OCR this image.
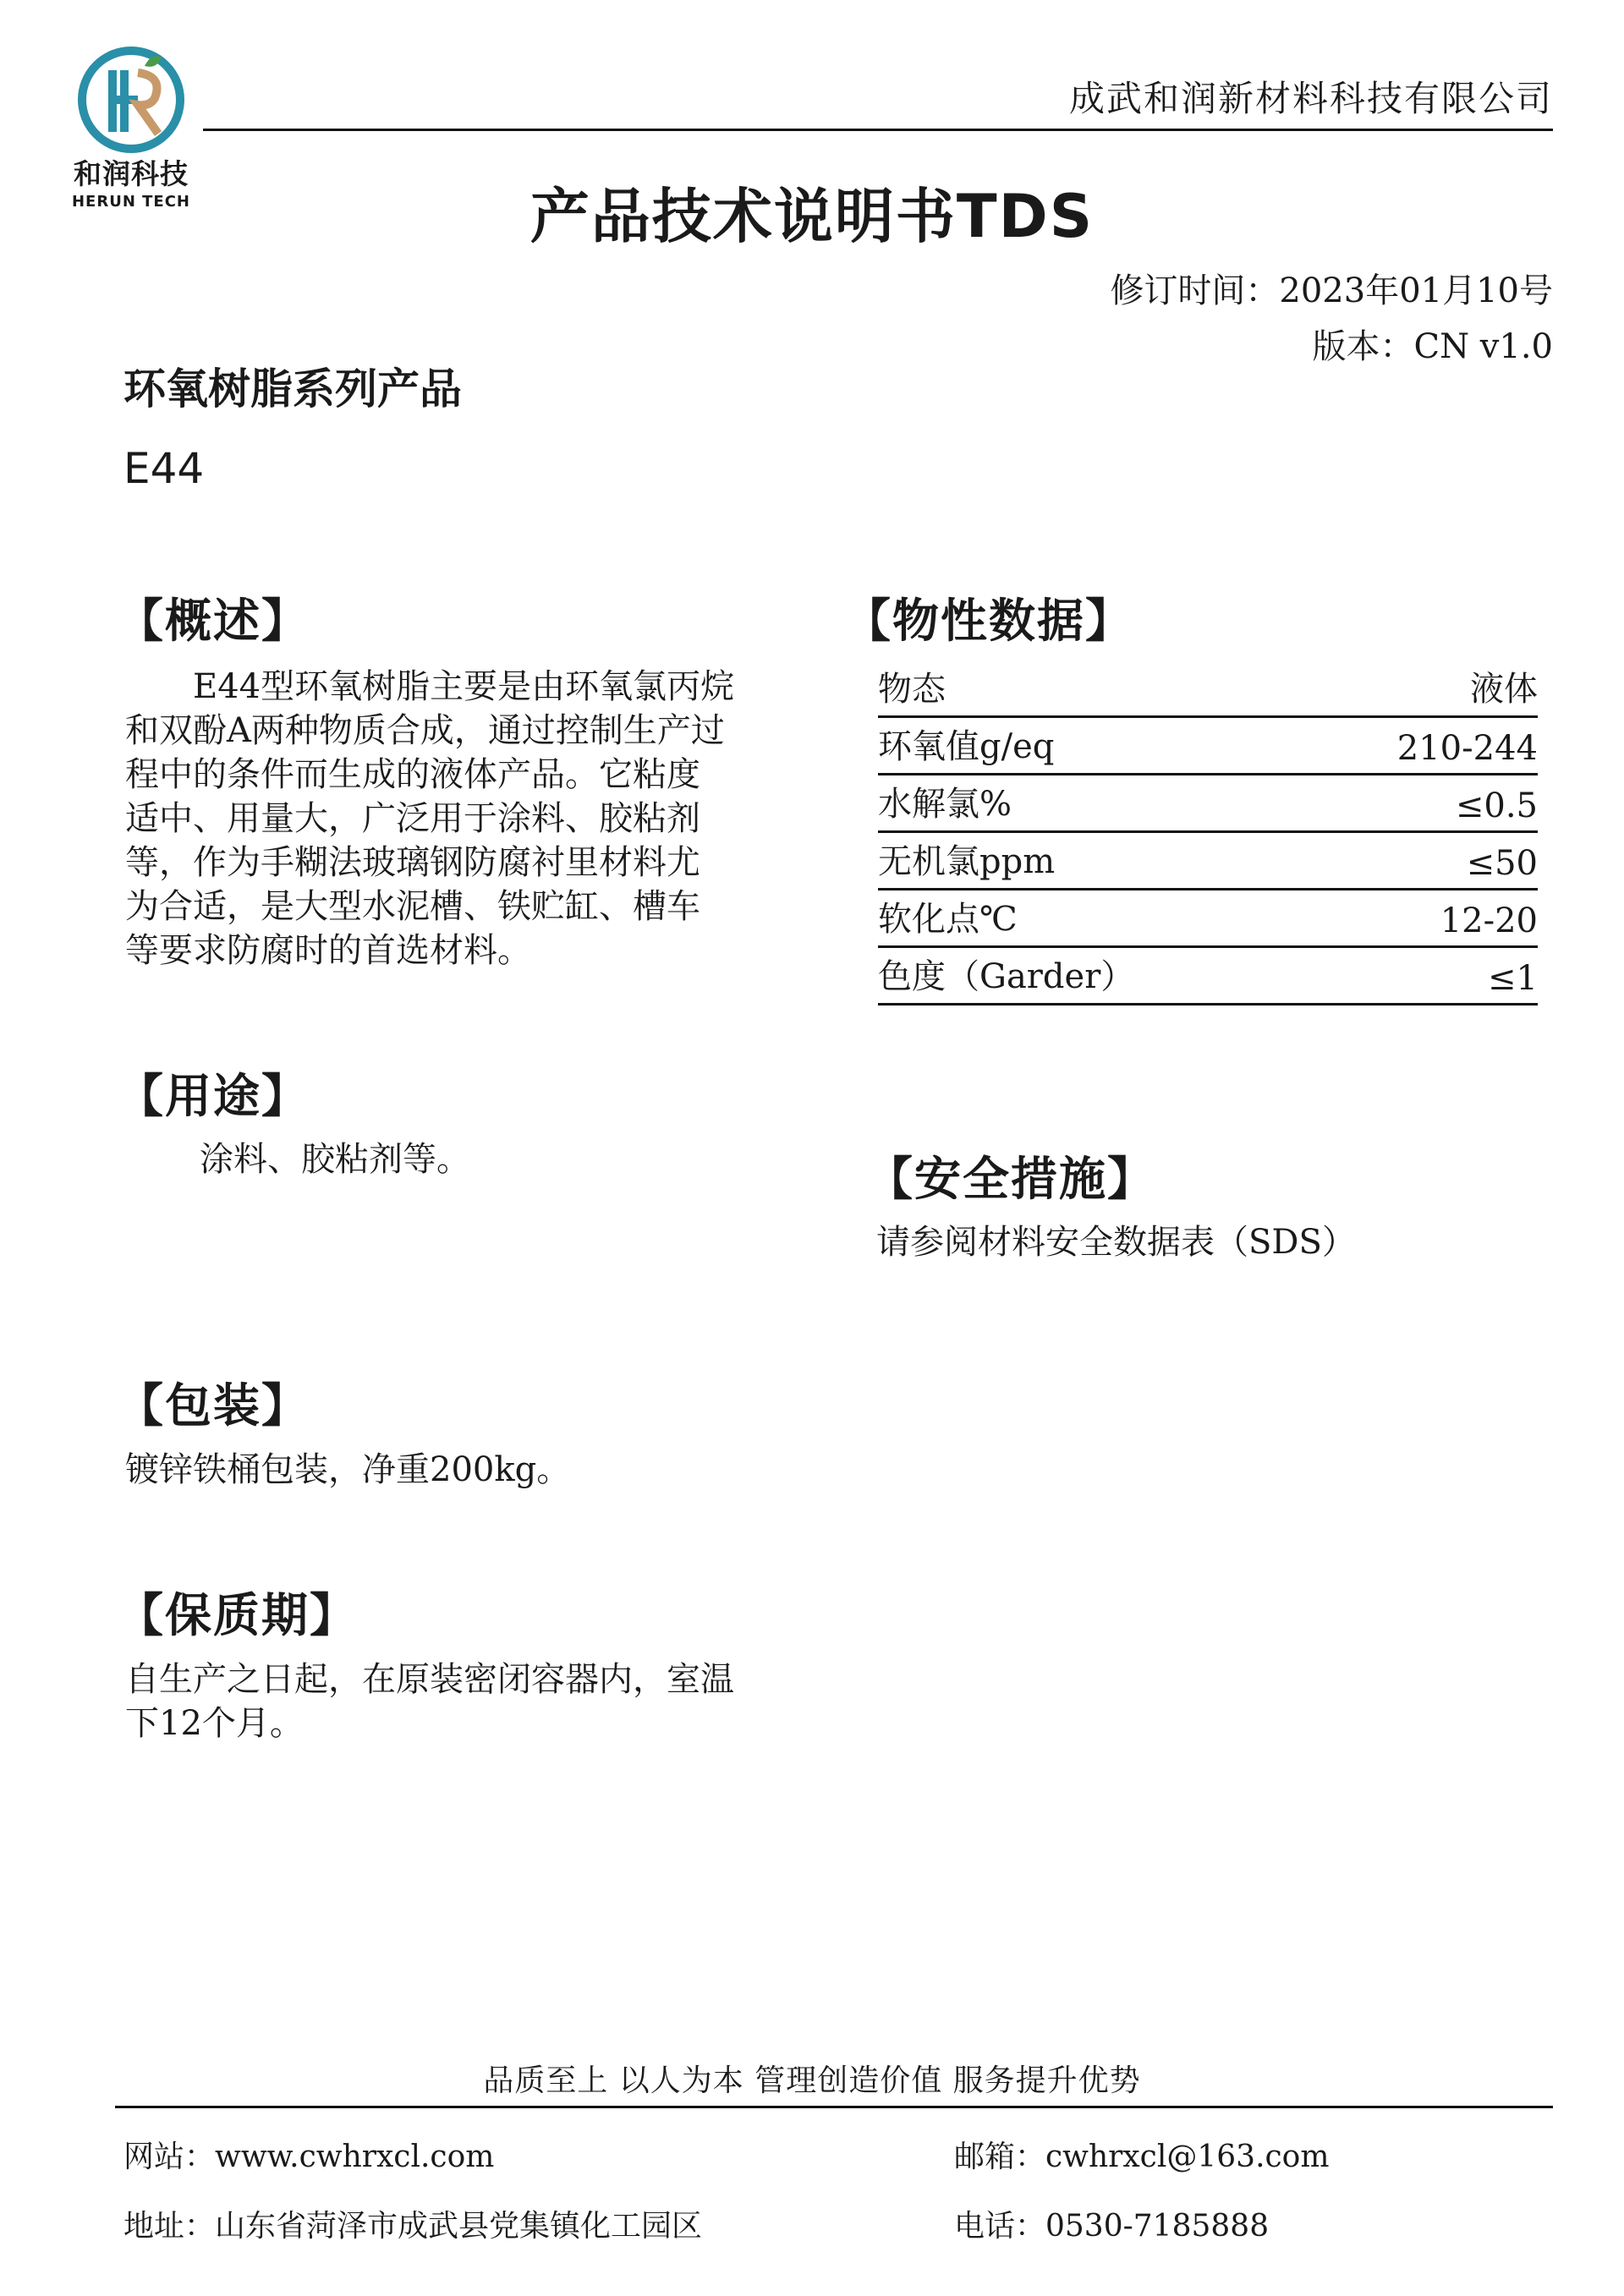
和润科技
HERUN TECH
成武和润新材料科技有限公司
产品技术说明书TDS
修订时间：2023年01月10号
版本：CN v1.0
环氧树脂系列产品
E44
【概述】
　　E44型环氧树脂主要是由环氧氯丙烷
和双酚A两种物质合成，通过控制生产过
程中的条件而生成的液体产品。它粘度
适中、用量大，广泛用于涂料、胶粘剂
等，作为手糊法玻璃钢防腐衬里材料尤
为合适，是大型水泥槽、铁贮缸、槽车
等要求防腐时的首选材料。
【用途】
涂料、胶粘剂等。
【包装】
镀锌铁桶包装，净重200kg。
【保质期】
自生产之日起，在原装密闭容器内，室温
下12个月。
【物性数据】
物态	液体
环氧值g/eq	210-244
水解氯%	≤0.5
无机氯ppm	≤50
软化点℃	12-20
色度（Garder）	≤1
【安全措施】
请参阅材料安全数据表（SDS）
品质至上 以人为本 管理创造价值 服务提升优势
网站：www.cwhrxcl.com	邮箱：cwhrxcl@163.com
地址：山东省菏泽市成武县党集镇化工园区	电话：0530-7185888
